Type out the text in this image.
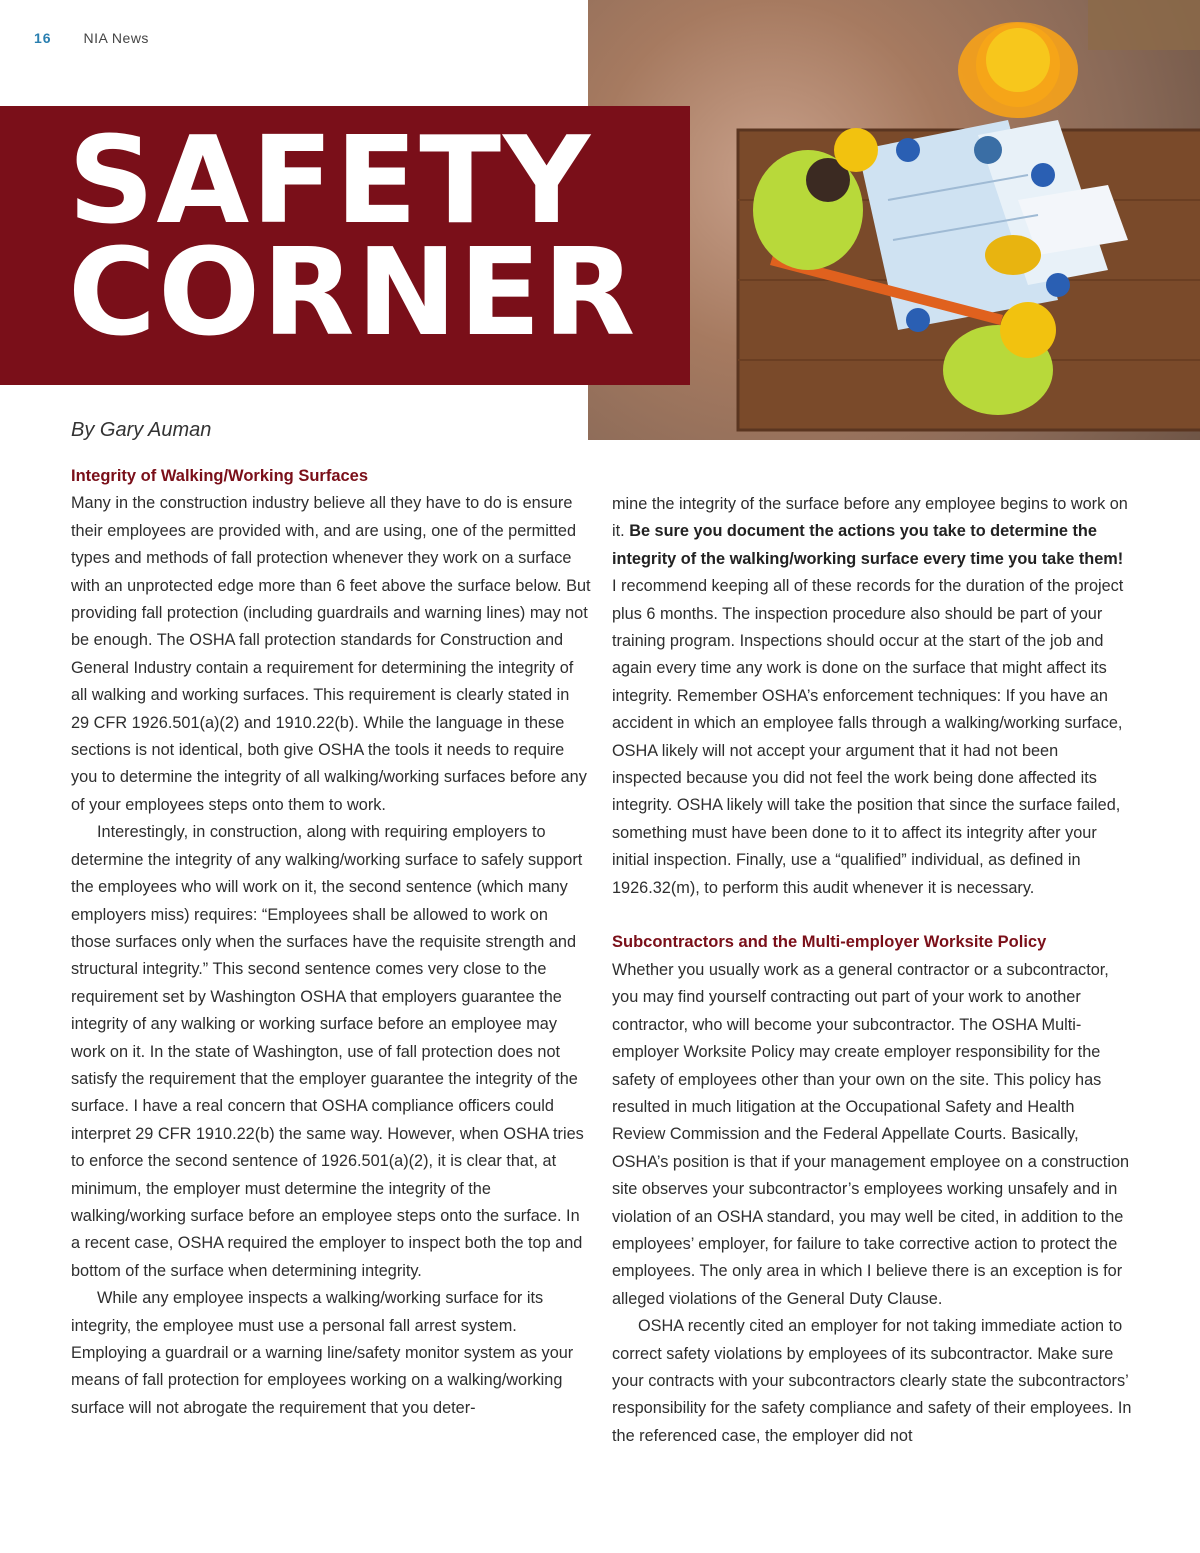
16 NIA News
SAFETY
CORNER
By Gary Auman
Integrity of Walking/Working Surfaces

Many in the construction industry believe all they have to do is ensure their employees are provided with, and are using, one of the permitted types and methods of fall protection whenever they work on a surface with an unprotected edge more than 6 feet above the surface below. But providing fall protection (including guardrails and warning lines) may not be enough. The OSHA fall protection standards for Construction and General Industry contain a requirement for determining the integrity of all walking and working surfaces. This requirement is clearly stated in 29 CFR 1926.501(a)(2) and 1910.22(b). While the language in these sections is not identical, both give OSHA the tools it needs to require you to determine the integrity of all walking/working surfaces before any of your employees steps onto them to work.

Interestingly, in construction, along with requiring employers to determine the integrity of any walking/working surface to safely support the employees who will work on it, the second sentence (which many employers miss) requires: “Employees shall be allowed to work on those surfaces only when the surfaces have the requisite strength and structural integrity.” This second sentence comes very close to the requirement set by Washington OSHA that employers guarantee the integrity of any walking or working surface before an employee may work on it. In the state of Washington, use of fall protection does not satisfy the requirement that the employer guarantee the integrity of the surface. I have a real concern that OSHA compliance officers could interpret 29 CFR 1910.22(b) the same way. However, when OSHA tries to enforce the second sentence of 1926.501(a)(2), it is clear that, at minimum, the employer must determine the integrity of the walking/working surface before an employee steps onto the surface. In a recent case, OSHA required the employer to inspect both the top and bottom of the surface when determining integrity.

While any employee inspects a walking/working surface for its integrity, the employee must use a personal fall arrest system. Employing a guardrail or a warning line/safety monitor system as your means of fall protection for employees working on a walking/working surface will not abrogate the requirement that you deter-

mine the integrity of the surface before any employee begins to work on it. Be sure you document the actions you take to determine the integrity of the walking/working surface every time you take them! I recommend keeping all of these records for the duration of the project plus 6 months. The inspection procedure also should be part of your training program. Inspections should occur at the start of the job and again every time any work is done on the surface that might affect its integrity. Remember OSHA’s enforcement techniques: If you have an accident in which an employee falls through a walking/working surface, OSHA likely will not accept your argument that it had not been inspected because you did not feel the work being done affected its integrity. OSHA likely will take the position that since the surface failed, something must have been done to it to affect its integrity after your initial inspection. Finally, use a “qualified” individual, as defined in 1926.32(m), to perform this audit whenever it is necessary.

Subcontractors and the Multi-employer Worksite Policy

Whether you usually work as a general contractor or a subcontractor, you may find yourself contracting out part of your work to another contractor, who will become your subcontractor. The OSHA Multi-employer Worksite Policy may create employer responsibility for the safety of employees other than your own on the site. This policy has resulted in much litigation at the Occupational Safety and Health Review Commission and the Federal Appellate Courts. Basically, OSHA’s position is that if your management employee on a construction site observes your subcontractor’s employees working unsafely and in violation of an OSHA standard, you may well be cited, in addition to the employees’ employer, for failure to take corrective action to protect the employees. The only area in which I believe there is an exception is for alleged violations of the General Duty Clause.

OSHA recently cited an employer for not taking immediate action to correct safety violations by employees of its subcontractor. Make sure your contracts with your subcontractors clearly state the subcontractors’ responsibility for the safety compliance and safety of their employees. In the referenced case, the employer did not
